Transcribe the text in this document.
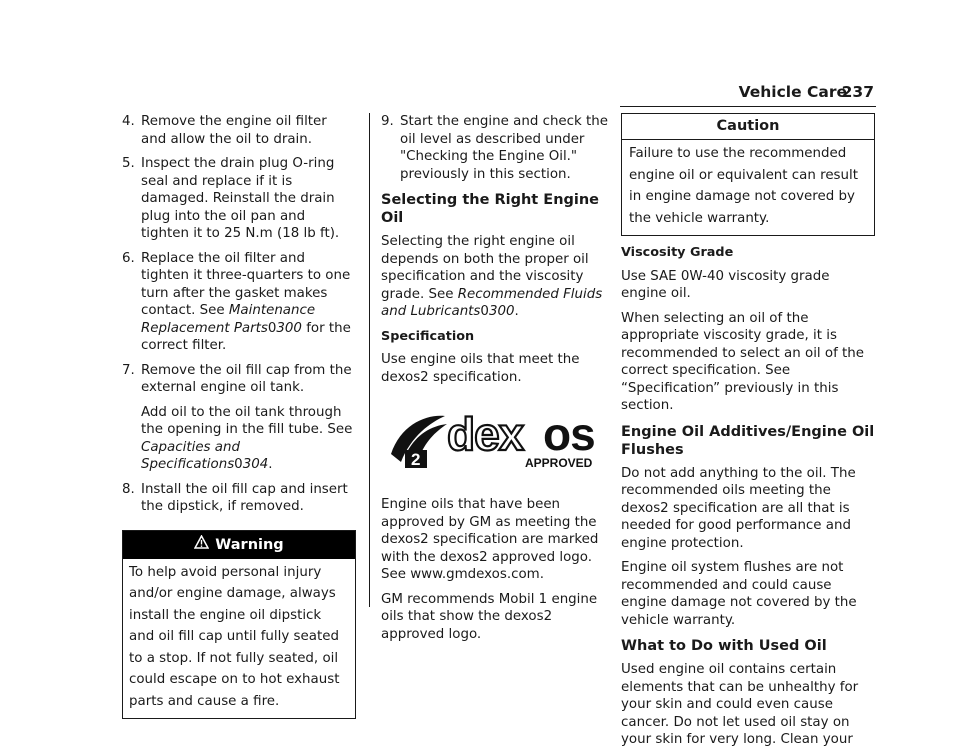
Vehicle Care
237
4. Remove the engine oil filter and allow the oil to drain.
5. Inspect the drain plug O-ring seal and replace if it is damaged. Reinstall the drain plug into the oil pan and tighten it to 25 N.m (18 lb ft).
6. Replace the oil filter and tighten it three-quarters to one turn after the gasket makes contact. See Maintenance Replacement Parts0300 for the correct filter.
7. Remove the oil fill cap from the external engine oil tank.
Add oil to the oil tank through the opening in the fill tube. See Capacities and Specifications0304.
8. Install the oil fill cap and insert the dipstick, if removed.
Warning
To help avoid personal injury and/or engine damage, always install the engine oil dipstick and oil fill cap until fully seated to a stop. If not fully seated, oil could escape on to hot exhaust parts and cause a fire.
9. Start the engine and check the oil level as described under "Checking the Engine Oil." previously in this section.
Selecting the Right Engine Oil

Selecting the right engine oil depends on both the proper oil specification and the viscosity grade. See Recommended Fluids and Lubricants0300.

Specification

Use engine oils that meet the dexos2 specification.

2 dex os
APPROVED

Engine oils that have been approved by GM as meeting the dexos2 specification are marked with the dexos2 approved logo. See www.gmdexos.com.

GM recommends Mobil 1 engine oils that show the dexos2 approved logo.

Caution
Failure to use the recommended engine oil or equivalent can result in engine damage not covered by the vehicle warranty.
Viscosity Grade

Use SAE 0W-40 viscosity grade engine oil.

When selecting an oil of the appropriate viscosity grade, it is recommended to select an oil of the correct specification. See “Specification” previously in this section.

Engine Oil Additives/Engine Oil Flushes

Do not add anything to the oil. The recommended oils meeting the dexos2 specification are all that is needed for good performance and engine protection.

Engine oil system flushes are not recommended and could cause engine damage not covered by the vehicle warranty.

What to Do with Used Oil

Used engine oil contains certain elements that can be unhealthy for your skin and could even cause cancer. Do not let used oil stay on your skin for very long. Clean your
